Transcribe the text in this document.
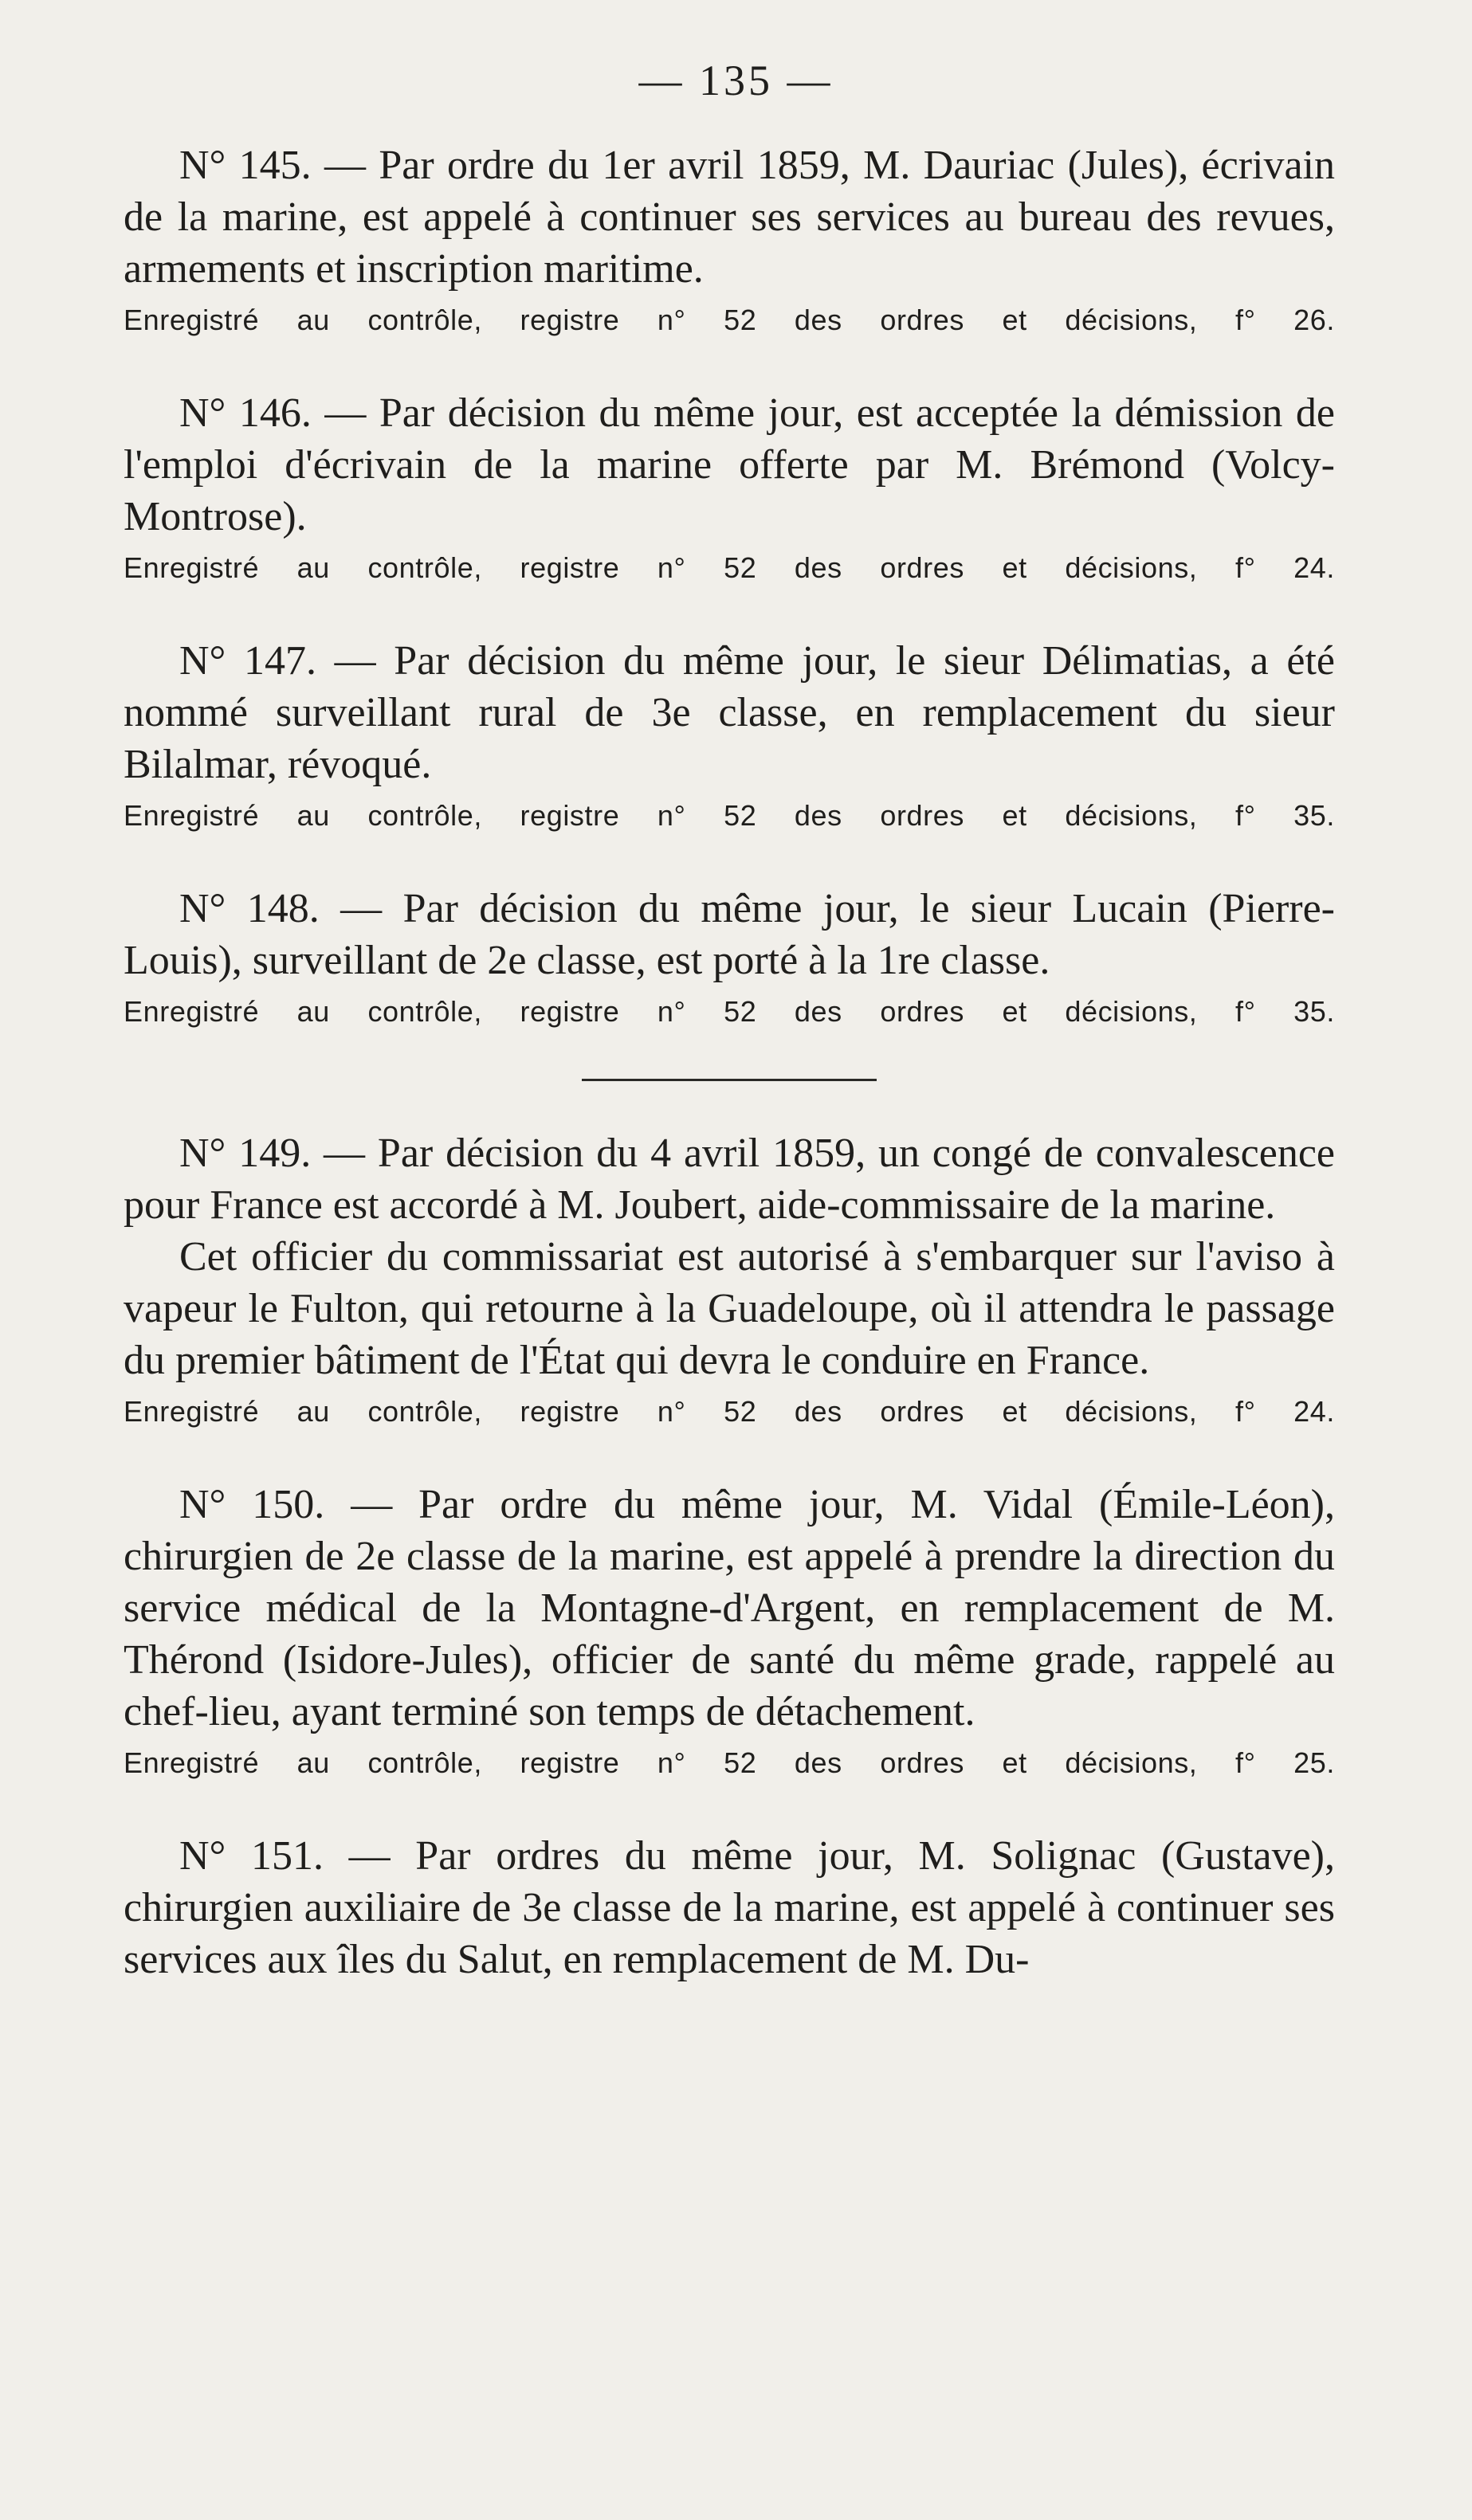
— 135 —

N° 145. — Par ordre du 1er avril 1859, M. Dauriac (Jules), écrivain de la marine, est appelé à continuer ses services au bureau des revues, armements et inscription maritime.

Enregistré au contrôle, registre n° 52 des ordres et décisions, f° 26.

N° 146. — Par décision du même jour, est acceptée la démission de l'emploi d'écrivain de la marine offerte par M. Brémond (Volcy-Montrose).

Enregistré au contrôle, registre n° 52 des ordres et décisions, f° 24.

N° 147. — Par décision du même jour, le sieur Délimatias, a été nommé surveillant rural de 3e classe, en remplacement du sieur Bilalmar, révoqué.

Enregistré au contrôle, registre n° 52 des ordres et décisions, f° 35.

N° 148. — Par décision du même jour, le sieur Lucain (Pierre-Louis), surveillant de 2e classe, est porté à la 1re classe.

Enregistré au contrôle, registre n° 52 des ordres et décisions, f° 35.

N° 149. — Par décision du 4 avril 1859, un congé de convalescence pour France est accordé à M. Joubert, aide-commissaire de la marine.

Cet officier du commissariat est autorisé à s'embarquer sur l'aviso à vapeur le Fulton, qui retourne à la Guadeloupe, où il attendra le passage du premier bâtiment de l'État qui devra le conduire en France.

Enregistré au contrôle, registre n° 52 des ordres et décisions, f° 24.

N° 150. — Par ordre du même jour, M. Vidal (Émile-Léon), chirurgien de 2e classe de la marine, est appelé à prendre la direction du service médical de la Montagne-d'Argent, en remplacement de M. Thérond (Isidore-Jules), officier de santé du même grade, rappelé au chef-lieu, ayant terminé son temps de détachement.

Enregistré au contrôle, registre n° 52 des ordres et décisions, f° 25.

N° 151. — Par ordres du même jour, M. Solignac (Gustave), chirurgien auxiliaire de 3e classe de la marine, est appelé à continuer ses services aux îles du Salut, en remplacement de M. Du-
